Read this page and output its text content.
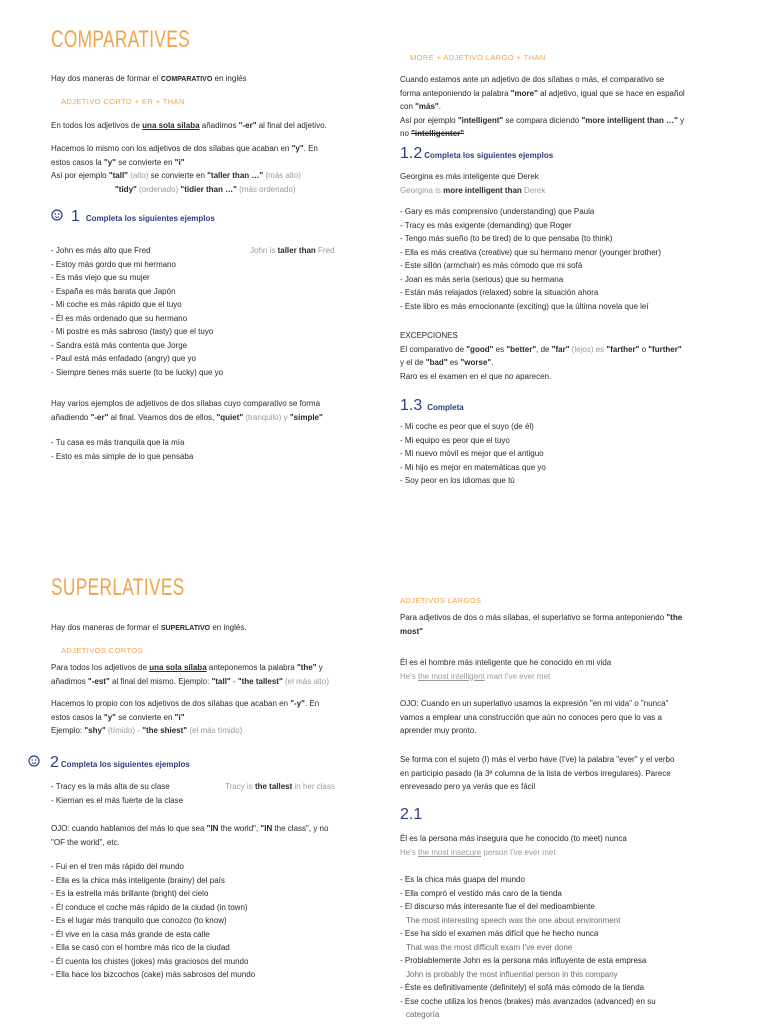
COMPARATIVES

Hay dos maneras de formar el COMPARATIVO en inglés

ADJETIVO CORTO + ER + THAN

En todos los adjetivos de una sola sílaba añadimos "-er" al final del adjetivo.

Hacemos lo mismo con los adjetivos de dos sílabas que acaban en "y". En

estos casos la "y" se convierte en "i"

Así por ejemplo "tall" (alto) se convierte en "taller than …" (más alto)

"tidy" (ordenado) "tidier than …" (más ordenado)

1 Completa los siguientes ejemplos

- John es más alto que Fred

- Estoy más gordo que mi hermano

- Es más viejo que su mujer

- España es más barata que Japón

- Mi coche es más rápido que el tuyo

- Él es más ordenado que su hermano

- Mi postre es más sabroso (tasty) que el tuyo

- Sandra está más contenta que Jorge

- Paul está más enfadado (angry) que yo

- Siempre tienes más suerte (to be lucky) que yo

John is taller than Fred

Hay varios ejemplos de adjetivos de dos sílabas cuyo comparativo se forma

añadiendo "-er" al final. Veamos dos de ellos, "quiet" (tranquilo) y "simple"

- Tu casa es más tranquila que la mía

- Esto es más simple de lo que pensaba

MORE + ADJETIVO LARGO + THAN

Cuando estamos ante un adjetivo de dos sílabas o más, el comparativo se

forma anteponiendo la palabra "more" al adjetivo, igual que se hace en español

con "más".

Así por ejemplo "intelligent" se compara diciendo "more intelligent than …" y

no "intelligenter"

1.2 Completa los siguientes ejemplos

Georgina es más inteligente que Derek

Georgina is more intelligent than Derek

- Gary es más comprensivo (understanding) que Paula

- Tracy es más exigente (demanding) que Roger

- Tengo más sueño (to be tired) de lo que pensaba (to think)

- Ella es más creativa (creative) que su hermano menor (younger brother)

- Este sillón (armchair) es más cómodo que mi sofá

- Joan es más seria (serious) que su hermana

- Están más relajados (relaxed) sobre la situación ahora

- Este libro es más emocionante (exciting) que la última novela que leí

EXCEPCIONES

El comparativo de "good" es "better", de "far" (lejos) es "farther" o "further"

y el de "bad" es "worse".

Raro es el examen en el que no aparecen.

1.3 Completa

- Mi coche es peor que el suyo (de él)

- Mi equipo es peor que el tuyo

- Mi nuevo móvil es mejor que el antiguo

- Mi hijo es mejor en matemáticas que yo

- Soy peor en los idiomas que tú

SUPERLATIVES

Hay dos maneras de formar el SUPERLATIVO en inglés.

ADJETIVOS CORTOS

Para todos los adjetivos de una sola sílaba anteponemos la palabra "the" y

añadimos "-est" al final del mismo. Ejemplo: "tall" - "the tallest" (el más alto)

Hacemos lo propio con los adjetivos de dos sílabas que acaban en "-y". En

estos casos la "y" se convierte en "i"

Ejemplo: "shy" (tímido) - "the shiest" (el más tímido)

2 Completa los siguientes ejemplos

- Tracy es la más alta de su clase

- Kiernan es el más fuerte de la clase

Tracy is the tallest in her class

OJO: cuando hablamos del más lo que sea "IN the world", "IN the class", y no

"OF the world", etc.

- Fui en el tren más rápido del mundo

- Ella es la chica más inteligente (brainy) del país

- Es la estrella más brillante (bright) del cielo

- Él conduce el coche más rápido de la ciudad (in town)

- Es el lugar más tranquilo que conozco (to know)

- Él vive en la casa más grande de esta calle

- Ella se casó con el hombre más rico de la ciudad

- Él cuenta los chistes (jokes) más graciosos del mundo

- Ella hace los bizcochos (cake) más sabrosos del mundo

ADJETIVOS LARGOS

Para adjetivos de dos o más sílabas, el superlativo se forma anteponiendo "the

most"

Él es el hombre más inteligente que he conocido en mi vida

He's the most intelligent man I've ever met

OJO: Cuando en un superlativo usamos la expresión "en mi vida" o "nunca"

vamos a emplear una construcción que aún no conoces pero que lo vas a

aprender muy pronto.

Se forma con el sujeto (I) más el verbo have (I've) la palabra "ever" y el verbo

en participio pasado (la 3ª columna de la lista de verbos irregulares). Parece

enrevesado pero ya verás que es fácil

2.1

Él es la persona más insegura que he conocido (to meet) nunca

He's the most insecure person I've ever met

- Es la chica más guapa del mundo

- Ella compró el vestido más caro de la tienda

- El discurso más interesante fue el del medioambiente

The most interesting speech was the one about environment

- Ese ha sido el examen más difícil que he hecho nunca

That was the most difficult exam I've ever done

- Problablemente John es la persona más influyente de esta empresa

John is probably the most influential person in this company

- Éste es definitivamente (definitely) el sofá más cómodo de la tienda

- Ese coche utiliza los frenos (brakes) más avanzados (advanced) en su

categoría
